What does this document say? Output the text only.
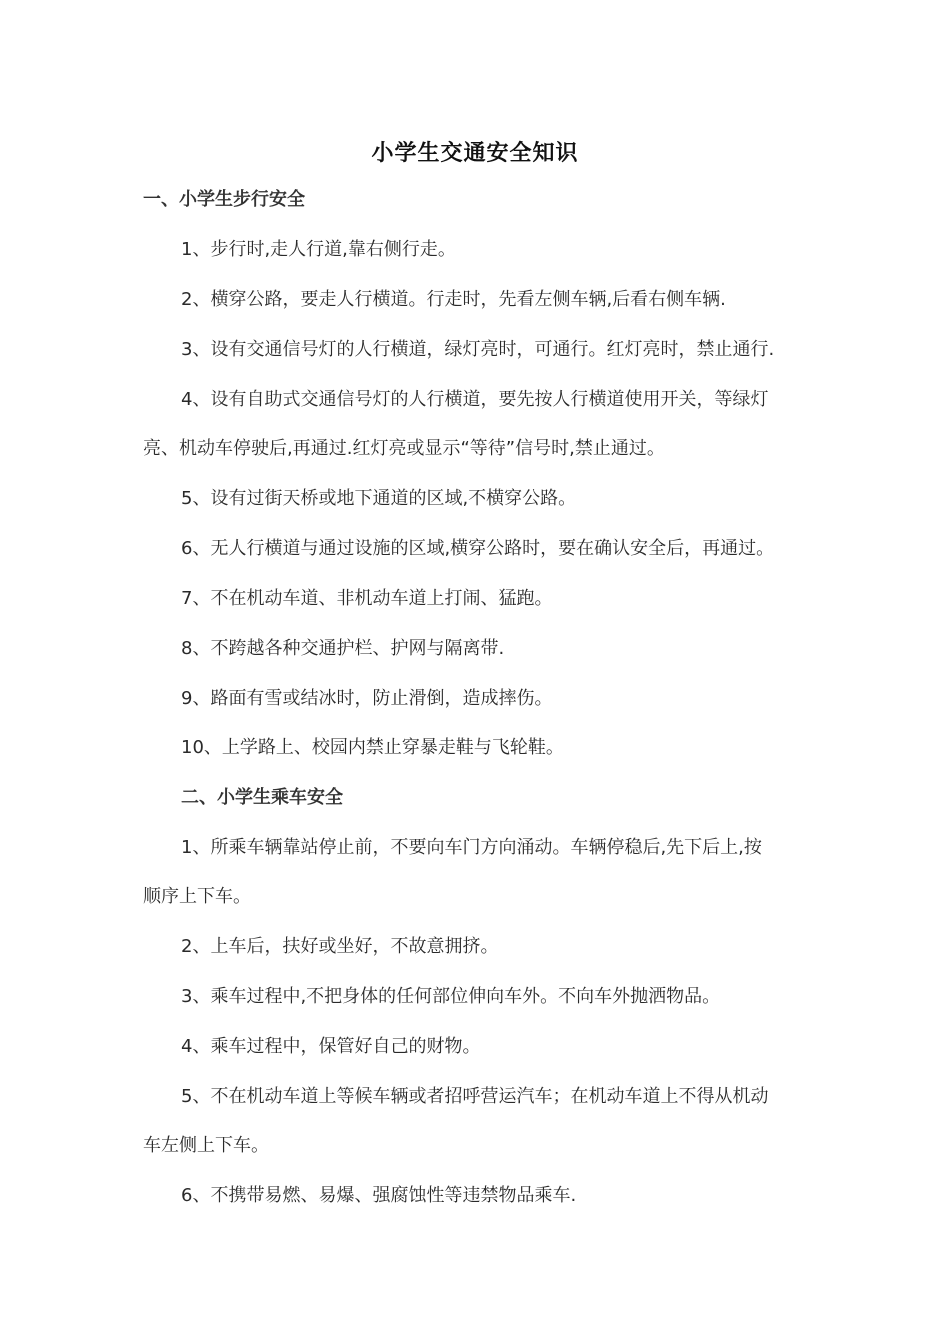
小学生交通安全知识
一、小学生步行安全
1、步行时,走人行道,靠右侧行走。
2、横穿公路，要走人行横道。行走时，先看左侧车辆,后看右侧车辆.
3、设有交通信号灯的人行横道，绿灯亮时，可通行。红灯亮时，禁止通行.
4、设有自助式交通信号灯的人行横道，要先按人行横道使用开关，等绿灯
亮、机动车停驶后,再通过.红灯亮或显示“等待”信号时,禁止通过。
5、设有过街天桥或地下通道的区域,不横穿公路。
6、无人行横道与通过设施的区域,横穿公路时，要在确认安全后，再通过。
7、不在机动车道、非机动车道上打闹、猛跑。
8、不跨越各种交通护栏、护网与隔离带.
9、路面有雪或结冰时，防止滑倒，造成摔伤。
10、上学路上、校园内禁止穿暴走鞋与飞轮鞋。
二、小学生乘车安全
1、所乘车辆靠站停止前，不要向车门方向涌动。车辆停稳后,先下后上,按
顺序上下车。
2、上车后，扶好或坐好，不故意拥挤。
3、乘车过程中,不把身体的任何部位伸向车外。不向车外抛洒物品。
4、乘车过程中，保管好自己的财物。
5、不在机动车道上等候车辆或者招呼营运汽车；在机动车道上不得从机动
车左侧上下车。
6、不携带易燃、易爆、强腐蚀性等违禁物品乘车.
